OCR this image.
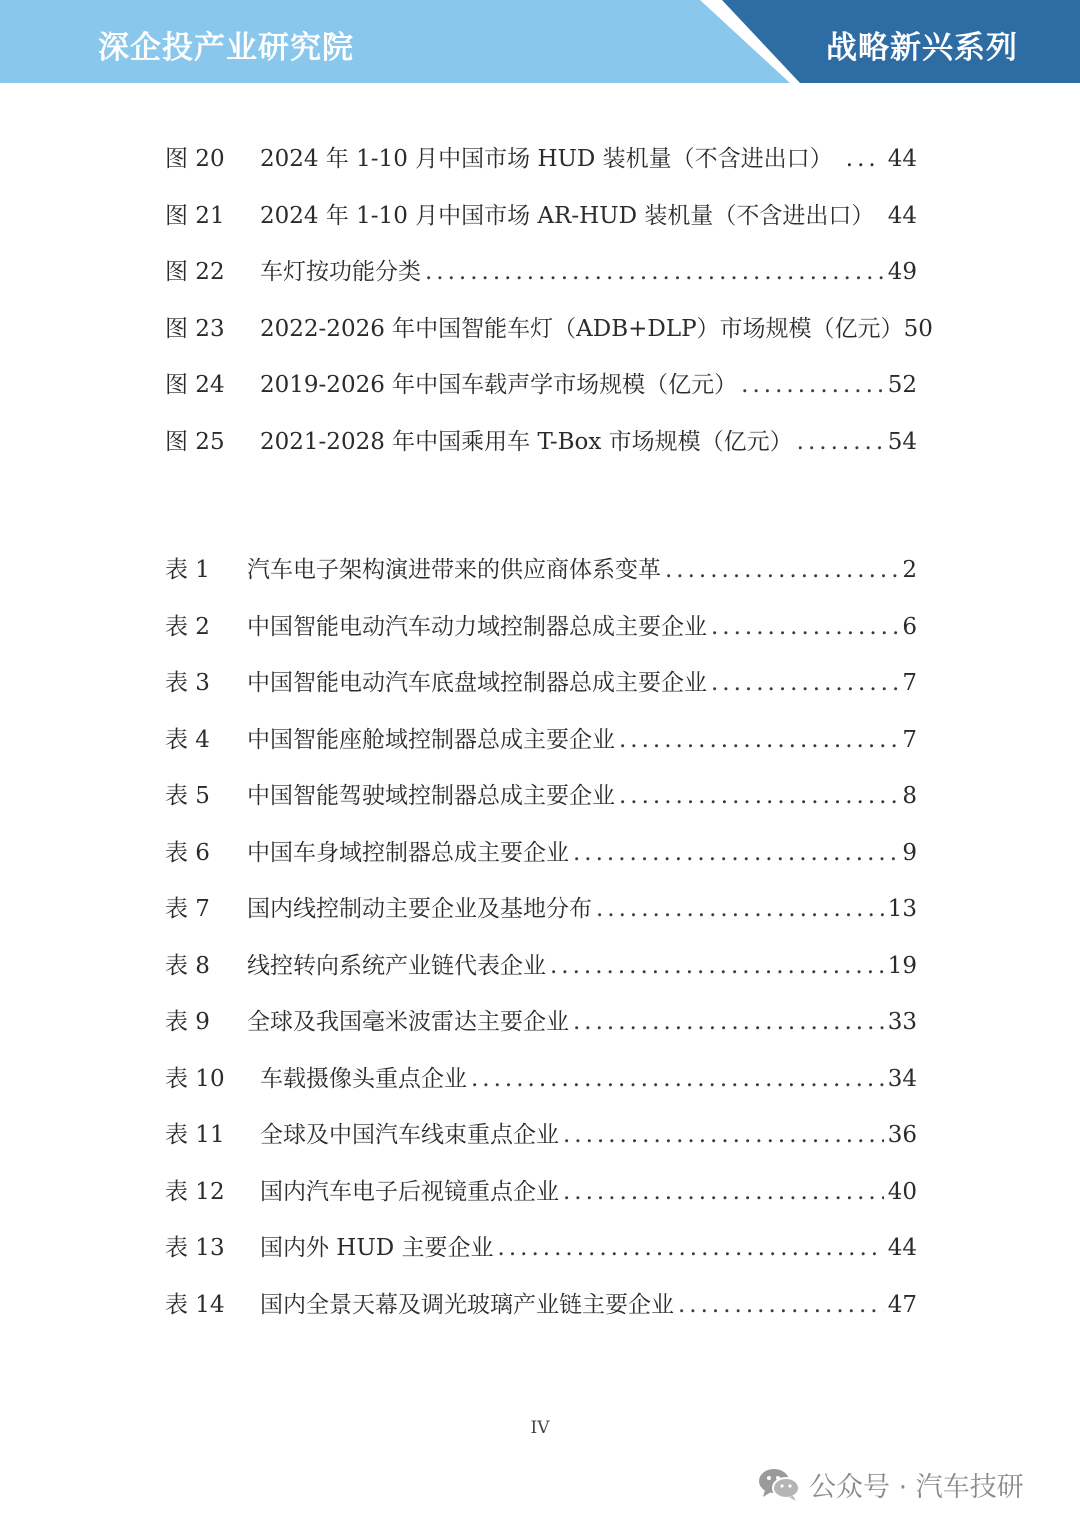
深企投产业研究院	战略新兴系列
图 20	2024 年 1-10 月中国市场 HUD 装机量（不含进出口） ... 44
图 21	2024 年 1-10 月中国市场 AR-HUD 装机量（不含进出口） 44
图 22	车灯按功能分类 .....	49
图 23	2022-2026 年中国智能车灯（ADB+DLP）市场规模（亿元） 50
图 24	2019-2026 年中国车载声学市场规模（亿元） .....	52
图 25	2021-2028 年中国乘用车 T-Box 市场规模（亿元） .....	54
表 1	汽车电子架构演进带来的供应商体系变革 .....	2
表 2	中国智能电动汽车动力域控制器总成主要企业 .....	6
表 3	中国智能电动汽车底盘域控制器总成主要企业 .....	7
表 4	中国智能座舱域控制器总成主要企业 .....	7
表 5	中国智能驾驶域控制器总成主要企业 .....	8
表 6	中国车身域控制器总成主要企业 .....	9
表 7	国内线控制动主要企业及基地分布 .....	13
表 8	线控转向系统产业链代表企业 .....	19
表 9	全球及我国毫米波雷达主要企业 .....	33
表 10	车载摄像头重点企业 .....	34
表 11	全球及中国汽车线束重点企业 .....	36
表 12	国内汽车电子后视镜重点企业 .....	40
表 13	国内外 HUD 主要企业 .....	44
表 14	国内全景天幕及调光玻璃产业链主要企业 .....	47
IV
公众号 · 汽车技研
